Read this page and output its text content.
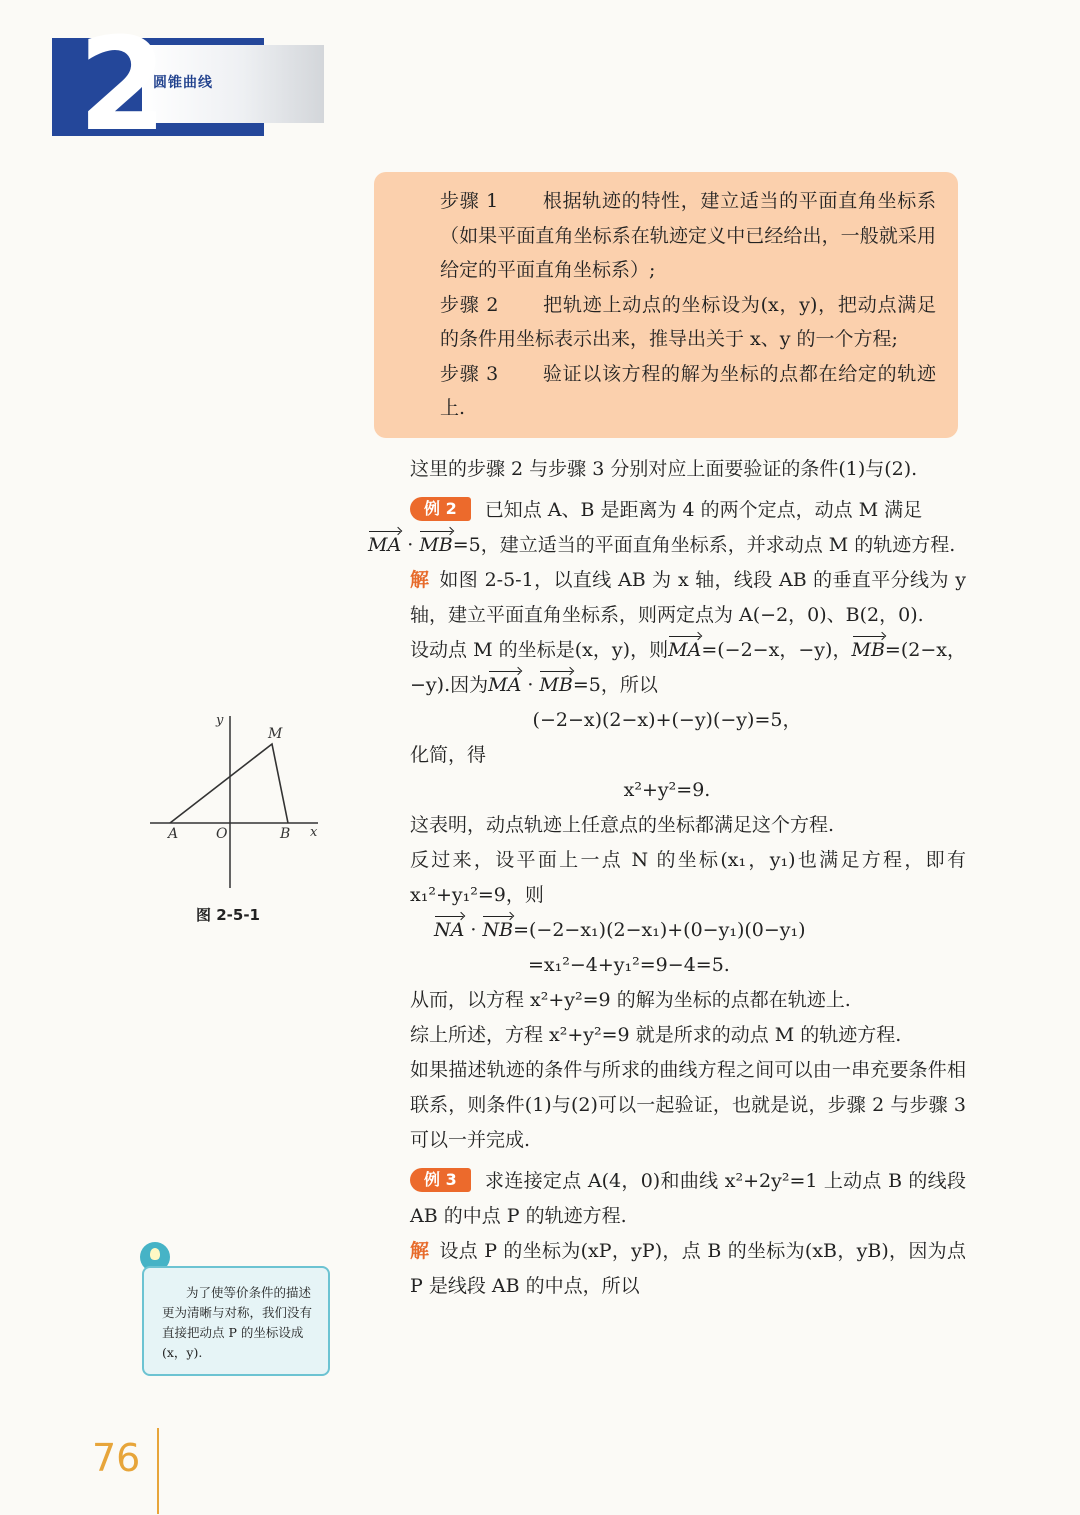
2
圆锥曲线

步骤 1 根据轨迹的特性，建立适当的平面直角坐标系（如果平面直角坐标系在轨迹定义中已经给出，一般就采用给定的平面直角坐标系）;

步骤 2 把轨迹上动点的坐标设为(x，y)，把动点满足的条件用坐标表示出来，推导出关于 x、y 的一个方程;

步骤 3 验证以该方程的解为坐标的点都在给定的轨迹上.

这里的步骤 2 与步骤 3 分别对应上面要验证的条件(1)与(2).

例 2 已知点 A、B 是距离为 4 的两个定点，动点 M 满足

MA · MB=5，建立适当的平面直角坐标系，并求动点 M 的轨迹方程.

解 如图 2-5-1，以直线 AB 为 x 轴，线段 AB 的垂直平分线为 y 轴，建立平面直角坐标系，则两定点为 A(−2，0)、B(2，0).

设动点 M 的坐标是(x，y)，则MA=(−2−x，−y)，MB=(2−x，−y).因为MA · MB=5，所以

(−2−x)(2−x)+(−y)(−y)=5，

化简，得

x²+y²=9.

这表明，动点轨迹上任意点的坐标都满足这个方程.

反过来，设平面上一点 N 的坐标(x₁，y₁)也满足方程，即有 x₁²+y₁²=9，则

NA · NB=(−2−x₁)(2−x₁)+(0−y₁)(0−y₁)

=x₁²−4+y₁²=9−4=5.

从而，以方程 x²+y²=9 的解为坐标的点都在轨迹上.

综上所述，方程 x²+y²=9 就是所求的动点 M 的轨迹方程.

如果描述轨迹的条件与所求的曲线方程之间可以由一串充要条件相联系，则条件(1)与(2)可以一起验证，也就是说，步骤 2 与步骤 3 可以一并完成.

例 3 求连接定点 A(4，0)和曲线 x²+2y²=1 上动点 B 的线段 AB 的中点 P 的轨迹方程.

解 设点 P 的坐标为(xP，yP)，点 B 的坐标为(xB，yB)，因为点 P 是线段 AB 的中点，所以

y
M
A	O	B x
图 2-5-1
为了使等价条件的描述更为清晰与对称，我们没有直接把动点 P 的坐标设成(x，y).
76
